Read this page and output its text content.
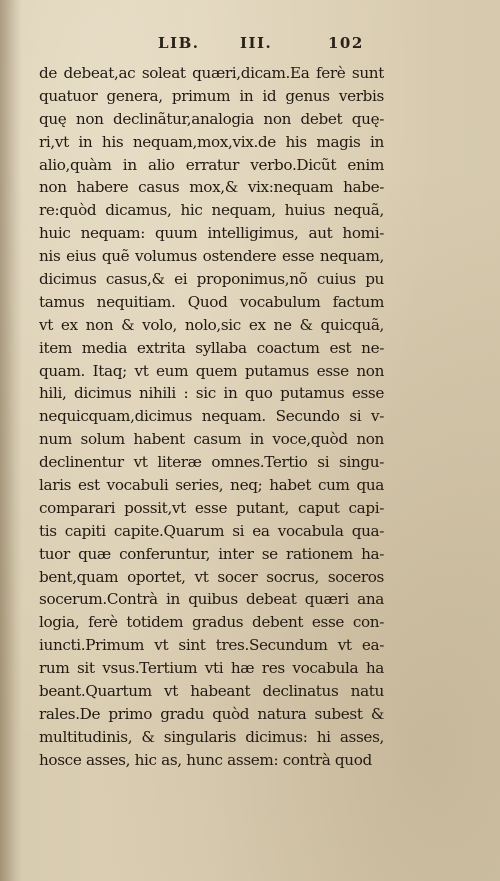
LIB.	III.	102
de debeat,ac soleat quæri,dicam.Ea ferè sunt
quatuor genera, primum in id genus verbis
quę non declinãtur,analogia non debet quę-
ri,vt in his nequam,mox,vix.de his magis in
alio,quàm in alio erratur verbo.Dicũt enim
non habere casus mox,& vix:nequam habe-
re:quòd dicamus, hic nequam, huius nequã,
huic nequam: quum intelligimus, aut homi-
nis eius quẽ volumus ostendere esse nequam,
dicimus casus,& ei proponimus,nõ cuius pu
tamus nequitiam. Quod vocabulum factum
vt ex non & volo, nolo,sic ex ne & quicquã,
item media extrita syllaba coactum est ne-
quam. Itaq; vt eum quem putamus esse non
hili, dicimus nihili : sic in quo putamus esse
nequicquam,dicimus nequam. Secundo si v-
num solum habent casum in voce,quòd non
declinentur vt literæ omnes.Tertio si singu-
laris est vocabuli series, neq; habet cum qua
comparari possit,vt esse putant, caput capi-
tis capiti capite.Quarum si ea vocabula qua-
tuor quæ conferuntur, inter se rationem ha-
bent,quam oportet, vt socer socrus, soceros
socerum.Contrà in quibus debeat quæri ana
logia, ferè totidem gradus debent esse con-
iuncti.Primum vt sint tres.Secundum vt ea-
rum sit vsus.Tertium vti hæ res vocabula ha
beant.Quartum vt habeant declinatus natu
rales.De primo gradu quòd natura subest &
multitudinis, & singularis dicimus: hi asses,
hosce asses, hic as, hunc assem: contrà quod
